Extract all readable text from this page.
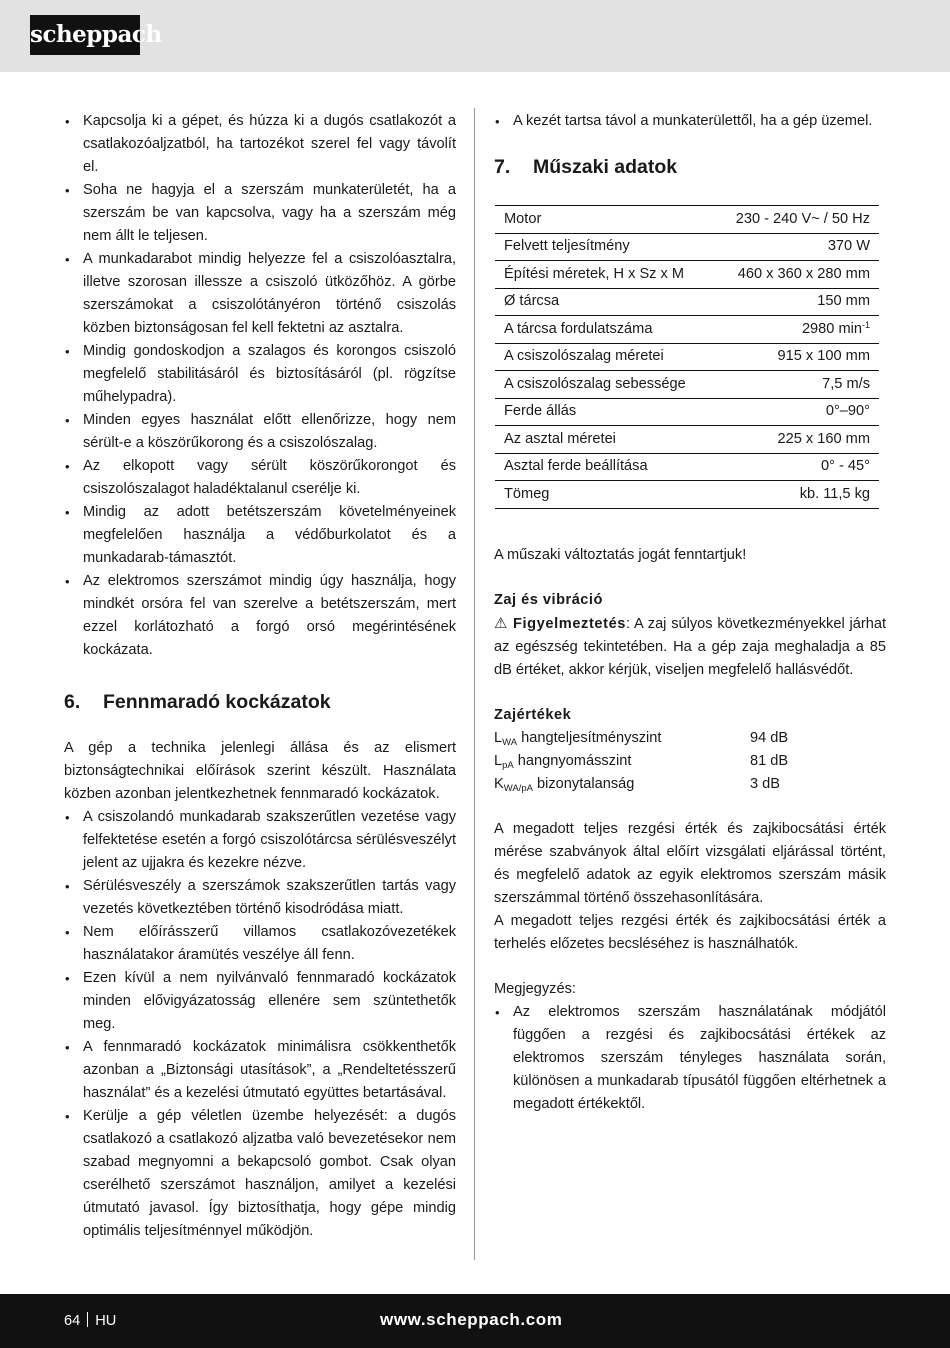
scheppach
• Kapcsolja ki a gépet, és húzza ki a dugós csatlakozót a csatlakozóaljzatból, ha tartozékot szerel fel vagy távolít el.
• Soha ne hagyja el a szerszám munkaterületét, ha a szerszám be van kapcsolva, vagy ha a szerszám még nem állt le teljesen.
• A munkadarabot mindig helyezze fel a csiszolóasztalra, illetve szorosan illessze a csiszoló ütközőhöz. A görbe szerszámokat a csiszolótányéron történő csiszolás közben biztonságosan fel kell fektetni az asztalra.
• Mindig gondoskodjon a szalagos és korongos csiszoló megfelelő stabilitásáról és biztosításáról (pl. rögzítse műhelypadra).
• Minden egyes használat előtt ellenőrizze, hogy nem sérült-e a köszörűkorong és a csiszolószalag.
• Az elkopott vagy sérült köszörűkorongot és csiszolószalagot haladéktalanul cserélje ki.
• Mindig az adott betétszerszám követelményeinek megfelelően használja a védőburkolatot és a munkadarab-támasztót.
• Az elektromos szerszámot mindig úgy használja, hogy mindkét orsóra fel van szerelve a betétszerszám, mert ezzel korlátozható a forgó orsó megérintésének kockázata.
6. Fennmaradó kockázatok

A gép a technika jelenlegi állása és az elismert biztonságtechnikai előírások szerint készült. Használata közben azonban jelentkezhetnek fennmaradó kockázatok.

• A csiszolandó munkadarab szakszerűtlen vezetése vagy felfektetése esetén a forgó csiszolótárcsa sérülésveszélyt jelent az ujjakra és kezekre nézve.
• Sérülésveszély a szerszámok szakszerűtlen tartás vagy vezetés következtében történő kisodródása miatt.
• Nem előírásszerű villamos csatlakozóvezetékek használatakor áramütés veszélye áll fenn.
• Ezen kívül a nem nyilvánvaló fennmaradó kockázatok minden elővigyázatosság ellenére sem szüntethetők meg.
• A fennmaradó kockázatok minimálisra csökkenthetők azonban a „Biztonsági utasítások”, a „Rendeltetésszerű használat” és a kezelési útmutató együttes betartásával.
• Kerülje a gép véletlen üzembe helyezését: a dugós csatlakozó a csatlakozó aljzatba való bevezetésekor nem szabad megnyomni a bekapcsoló gombot. Csak olyan cserélhető szerszámot használjon, amilyet a kezelési útmutató javasol. Így biztosíthatja, hogy gépe mindig optimális teljesítménnyel működjön.
• A kezét tartsa távol a munkaterülettől, ha a gép üzemel.
7. Műszaki adatok
Motor	230 - 240 V~ / 50 Hz
Felvett teljesítmény	370 W
Építési méretek, H x Sz x M	460 x 360 x 280 mm
Ø tárcsa	150 mm
A tárcsa fordulatszáma	2980 $\min^{-1}$
A csiszolószalag méretei	915 x 100 mm
A csiszolószalag sebessége	7,5 m/s
Ferde állás	0°–90°
Az asztal méretei	225 x 160 mm
Asztal ferde beállítása	0° - 45°
Tömeg	kb. 11,5 kg

A műszaki változtatás jogát fenntartjuk!

Zaj és vibráció

⚠ Figyelmeztetés: A zaj súlyos következményekkel járhat az egészség tekintetében. Ha a gép zaja meghaladja a 85 dB értéket, akkor kérjük, viseljen megfelelő hallásvédőt.

Zajértékek

$L_{WA}$ hangteljesítményszint	94 dB
$L_{pA}$ hangnyomásszint	81 dB
$K_{WA/pA}$ bizonytalanság	3 dB

A megadott teljes rezgési érték és zajkibocsátási érték mérése szabványok által előírt vizsgálati eljárással történt, és megfelelő adatok az egyik elektromos szerszám másik szerszámmal történő összehasonlítására.

A megadott teljes rezgési érték és zajkibocsátási érték a terhelés előzetes becsléséhez is használhatók.

Megjegyzés:

• Az elektromos szerszám használatának módjától függően a rezgési és zajkibocsátási értékek az elektromos szerszám tényleges használata során, különösen a munkadarab típusától függően eltérhetnek a megadott értékektől.
64 HU	www.scheppach.com
